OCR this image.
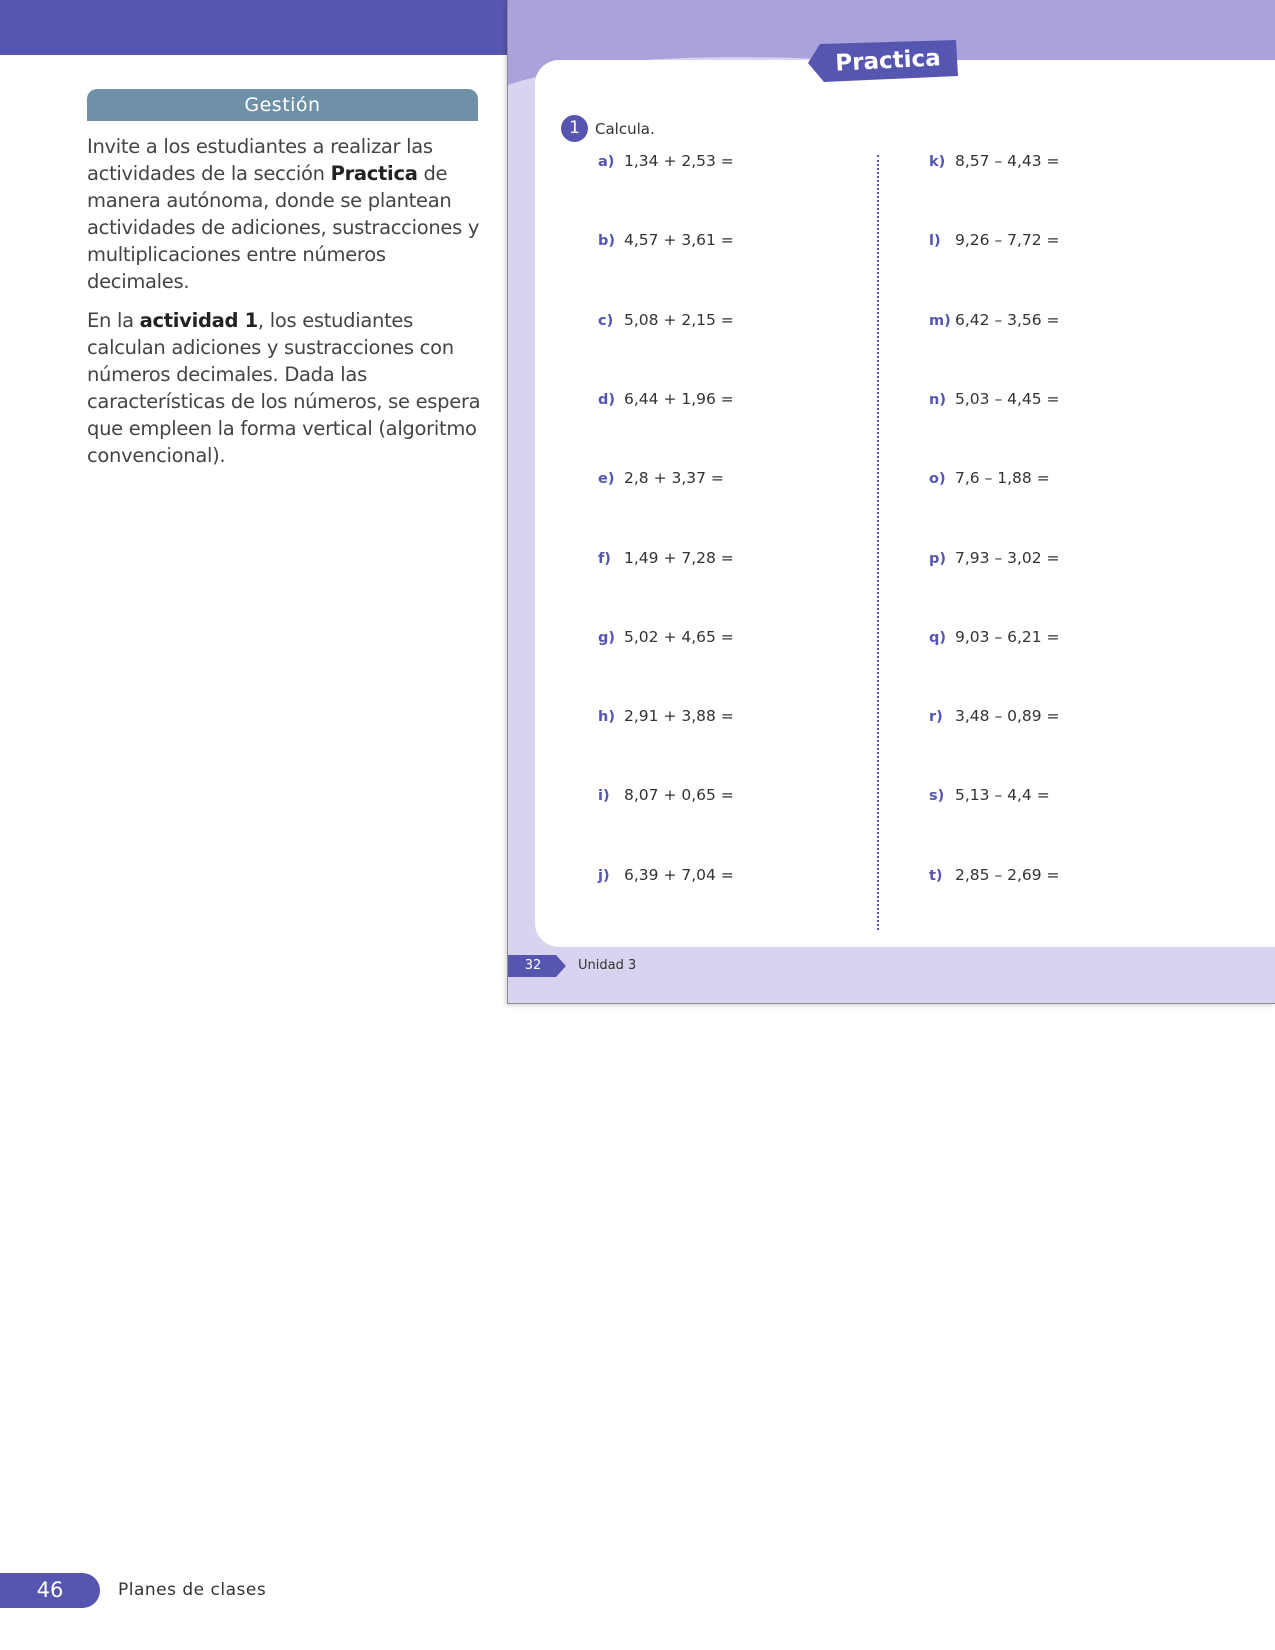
Gestión

Invite a los estudiantes a realizar las actividades de la sección Practica de manera autónoma, donde se plantean actividades de adiciones, sustracciones y multiplicaciones entre números decimales.

En la actividad 1, los estudiantes calculan adiciones y sustracciones con números decimales. Dada las características de los números, se espera que empleen la forma vertical (algoritmo convencional).

Practica
1	Calcula.
a) 1,34 + 2,53 =
b) 4,57 + 3,61 =
c) 5,08 + 2,15 =
d) 6,44 + 1,96 =
e) 2,8 + 3,37 =
f) 1,49 + 7,28 =
g) 5,02 + 4,65 =
h) 2,91 + 3,88 =
i) 8,07 + 0,65 =
j) 6,39 + 7,04 =
k) 8,57 – 4,43 =
l) 9,26 – 7,72 =
m) 6,42 – 3,56 =
n) 5,03 – 4,45 =
o) 7,6 – 1,88 =
p) 7,93 – 3,02 =
q) 9,03 – 6,21 =
r) 3,48 – 0,89 =
s) 5,13 – 4,4 =
t) 2,85 – 2,69 =
32	Unidad 3
46	Planes de clases
